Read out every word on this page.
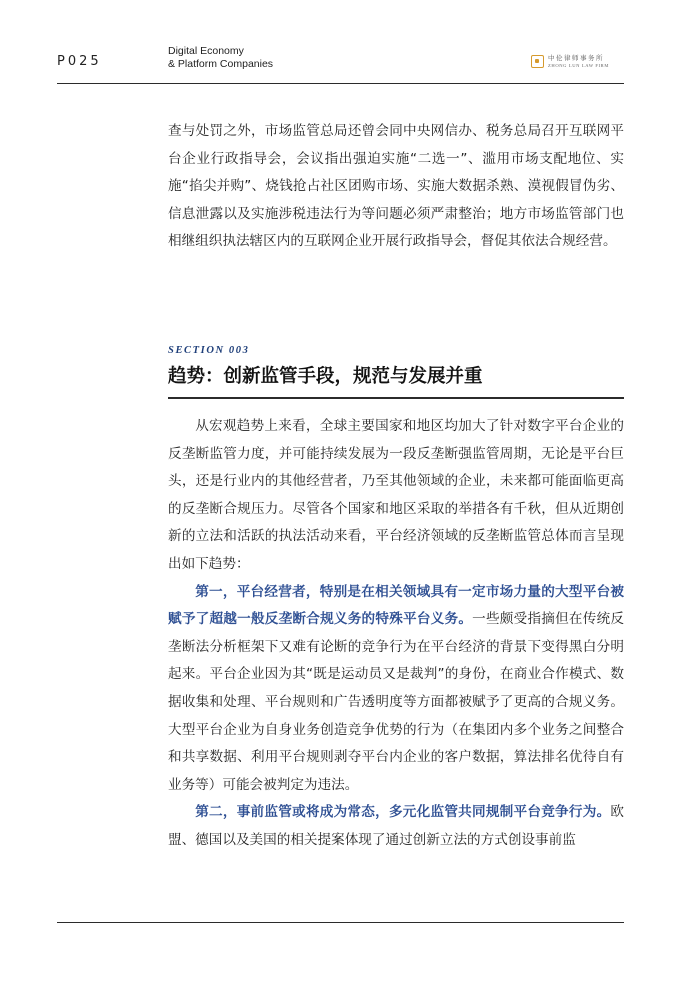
P025
Digital Economy
& Platform Companies
中伦律师事务所
ZHONG LUN LAW FIRM

查与处罚之外，市场监管总局还曾会同中央网信办、税务总局召开互联网平台企业行政指导会，会议指出强迫实施“二选一”、滥用市场支配地位、实施“掐尖并购”、烧钱抢占社区团购市场、实施大数据杀熟、漠视假冒伪劣、信息泄露以及实施涉税违法行为等问题必须严肃整治；地方市场监管部门也相继组织执法辖区内的互联网企业开展行政指导会，督促其依法合规经营。

SECTION 003
趋势：创新监管手段，规范与发展并重

从宏观趋势上来看，全球主要国家和地区均加大了针对数字平台企业的反垄断监管力度，并可能持续发展为一段反垄断强监管周期，无论是平台巨头，还是行业内的其他经营者，乃至其他领域的企业，未来都可能面临更高的反垄断合规压力。尽管各个国家和地区采取的举措各有千秋，但从近期创新的立法和活跃的执法活动来看，平台经济领域的反垄断监管总体而言呈现出如下趋势：

第一，平台经营者，特别是在相关领域具有一定市场力量的大型平台被赋予了超越一般反垄断合规义务的特殊平台义务。一些颇受指摘但在传统反垄断法分析框架下又难有论断的竞争行为在平台经济的背景下变得黑白分明起来。平台企业因为其“既是运动员又是裁判”的身份，在商业合作模式、数据收集和处理、平台规则和广告透明度等方面都被赋予了更高的合规义务。大型平台企业为自身业务创造竞争优势的行为（在集团内多个业务之间整合和共享数据、利用平台规则剥夺平台内企业的客户数据，算法排名优待自有业务等）可能会被判定为违法。

第二，事前监管或将成为常态，多元化监管共同规制平台竞争行为。欧盟、德国以及美国的相关提案体现了通过创新立法的方式创设事前监
